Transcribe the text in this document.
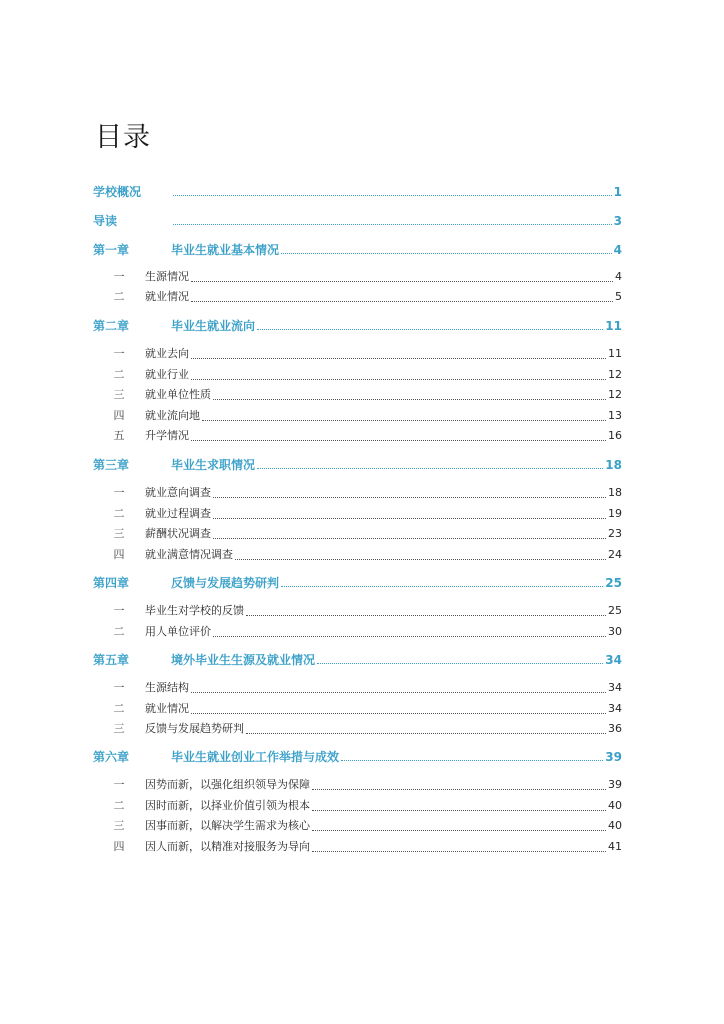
目录
学校概况	1
导读	3
第一章	毕业生就业基本情况	4
一	生源情况	4
二	就业情况	5
第二章	毕业生就业流向	11
一	就业去向	11
二	就业行业	12
三	就业单位性质	12
四	就业流向地	13
五	升学情况	16
第三章	毕业生求职情况	18
一	就业意向调查	18
二	就业过程调查	19
三	薪酬状况调查	23
四	就业满意情况调查	24
第四章	反馈与发展趋势研判	25
一	毕业生对学校的反馈	25
二	用人单位评价	30
第五章	境外毕业生生源及就业情况	34
一	生源结构	34
二	就业情况	34
三	反馈与发展趋势研判	36
第六章	毕业生就业创业工作举措与成效	39
一	因势而新，以强化组织领导为保障	39
二	因时而新，以择业价值引领为根本	40
三	因事而新，以解决学生需求为核心	40
四	因人而新，以精准对接服务为导向	41
